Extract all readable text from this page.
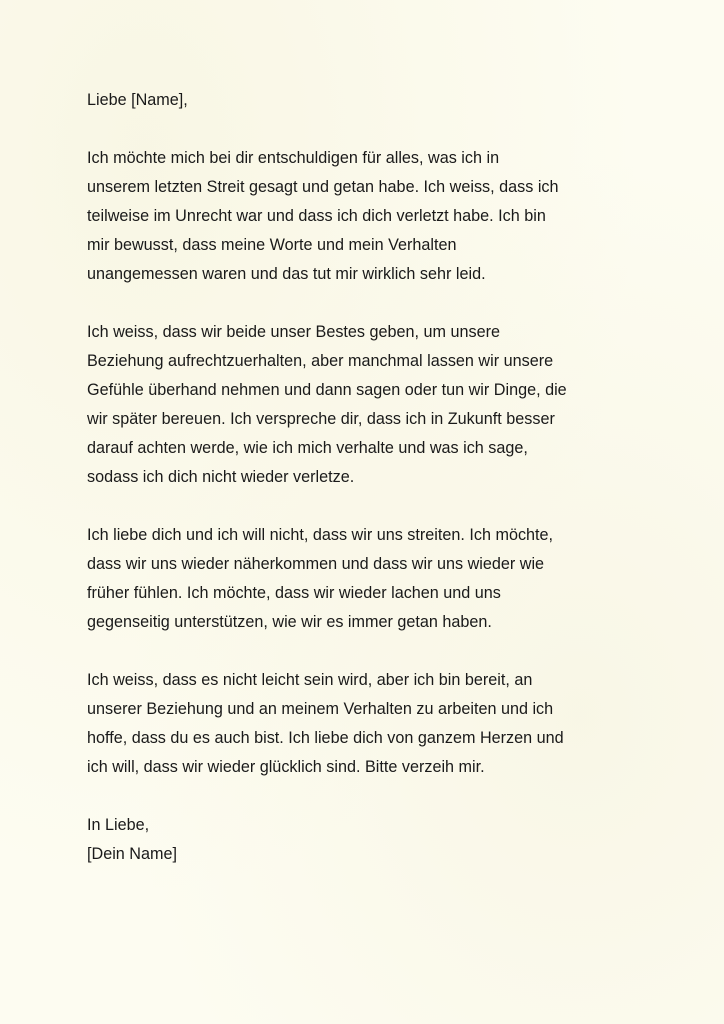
Liebe [Name],
Ich möchte mich bei dir entschuldigen für alles, was ich in
unserem letzten Streit gesagt und getan habe. Ich weiss, dass ich
teilweise im Unrecht war und dass ich dich verletzt habe. Ich bin
mir bewusst, dass meine Worte und mein Verhalten
unangemessen waren und das tut mir wirklich sehr leid.
Ich weiss, dass wir beide unser Bestes geben, um unsere
Beziehung aufrechtzuerhalten, aber manchmal lassen wir unsere
Gefühle überhand nehmen und dann sagen oder tun wir Dinge, die
wir später bereuen. Ich verspreche dir, dass ich in Zukunft besser
darauf achten werde, wie ich mich verhalte und was ich sage,
sodass ich dich nicht wieder verletze.
Ich liebe dich und ich will nicht, dass wir uns streiten. Ich möchte,
dass wir uns wieder näherkommen und dass wir uns wieder wie
früher fühlen. Ich möchte, dass wir wieder lachen und uns
gegenseitig unterstützen, wie wir es immer getan haben.
Ich weiss, dass es nicht leicht sein wird, aber ich bin bereit, an
unserer Beziehung und an meinem Verhalten zu arbeiten und ich
hoffe, dass du es auch bist. Ich liebe dich von ganzem Herzen und
ich will, dass wir wieder glücklich sind. Bitte verzeih mir.
In Liebe,
[Dein Name]
